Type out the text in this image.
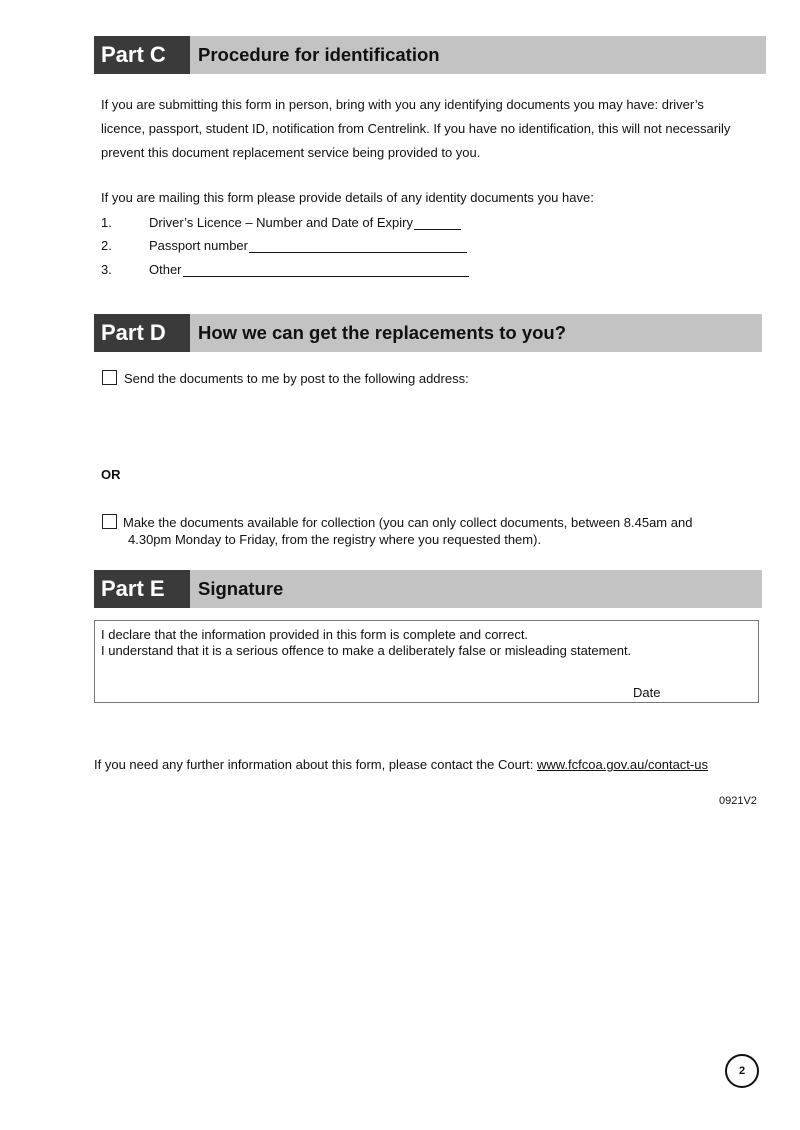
Part C	Procedure for identification
If you are submitting this form in person, bring with you any identifying documents you may have: driver’s
licence, passport, student ID, notification from Centrelink. If you have no identification, this will not necessarily
prevent this document replacement service being provided to you.
If you are mailing this form please provide details of any identity documents you have:
1.	Driver’s Licence – Number and Date of Expiry
2.	Passport number
3.	Other
Part D	How we can get the replacements to you?
Send the documents to me by post to the following address:
OR
Make the documents available for collection (you can only collect documents, between 8.45am and
4.30pm Monday to Friday, from the registry where you requested them).
Part E	Signature
I declare that the information provided in this form is complete and correct.
I understand that it is a serious offence to make a deliberately false or misleading statement.
Date
If you need any further information about this form, please contact the Court: www.fcfcoa.gov.au/contact-us
0921V2
2
